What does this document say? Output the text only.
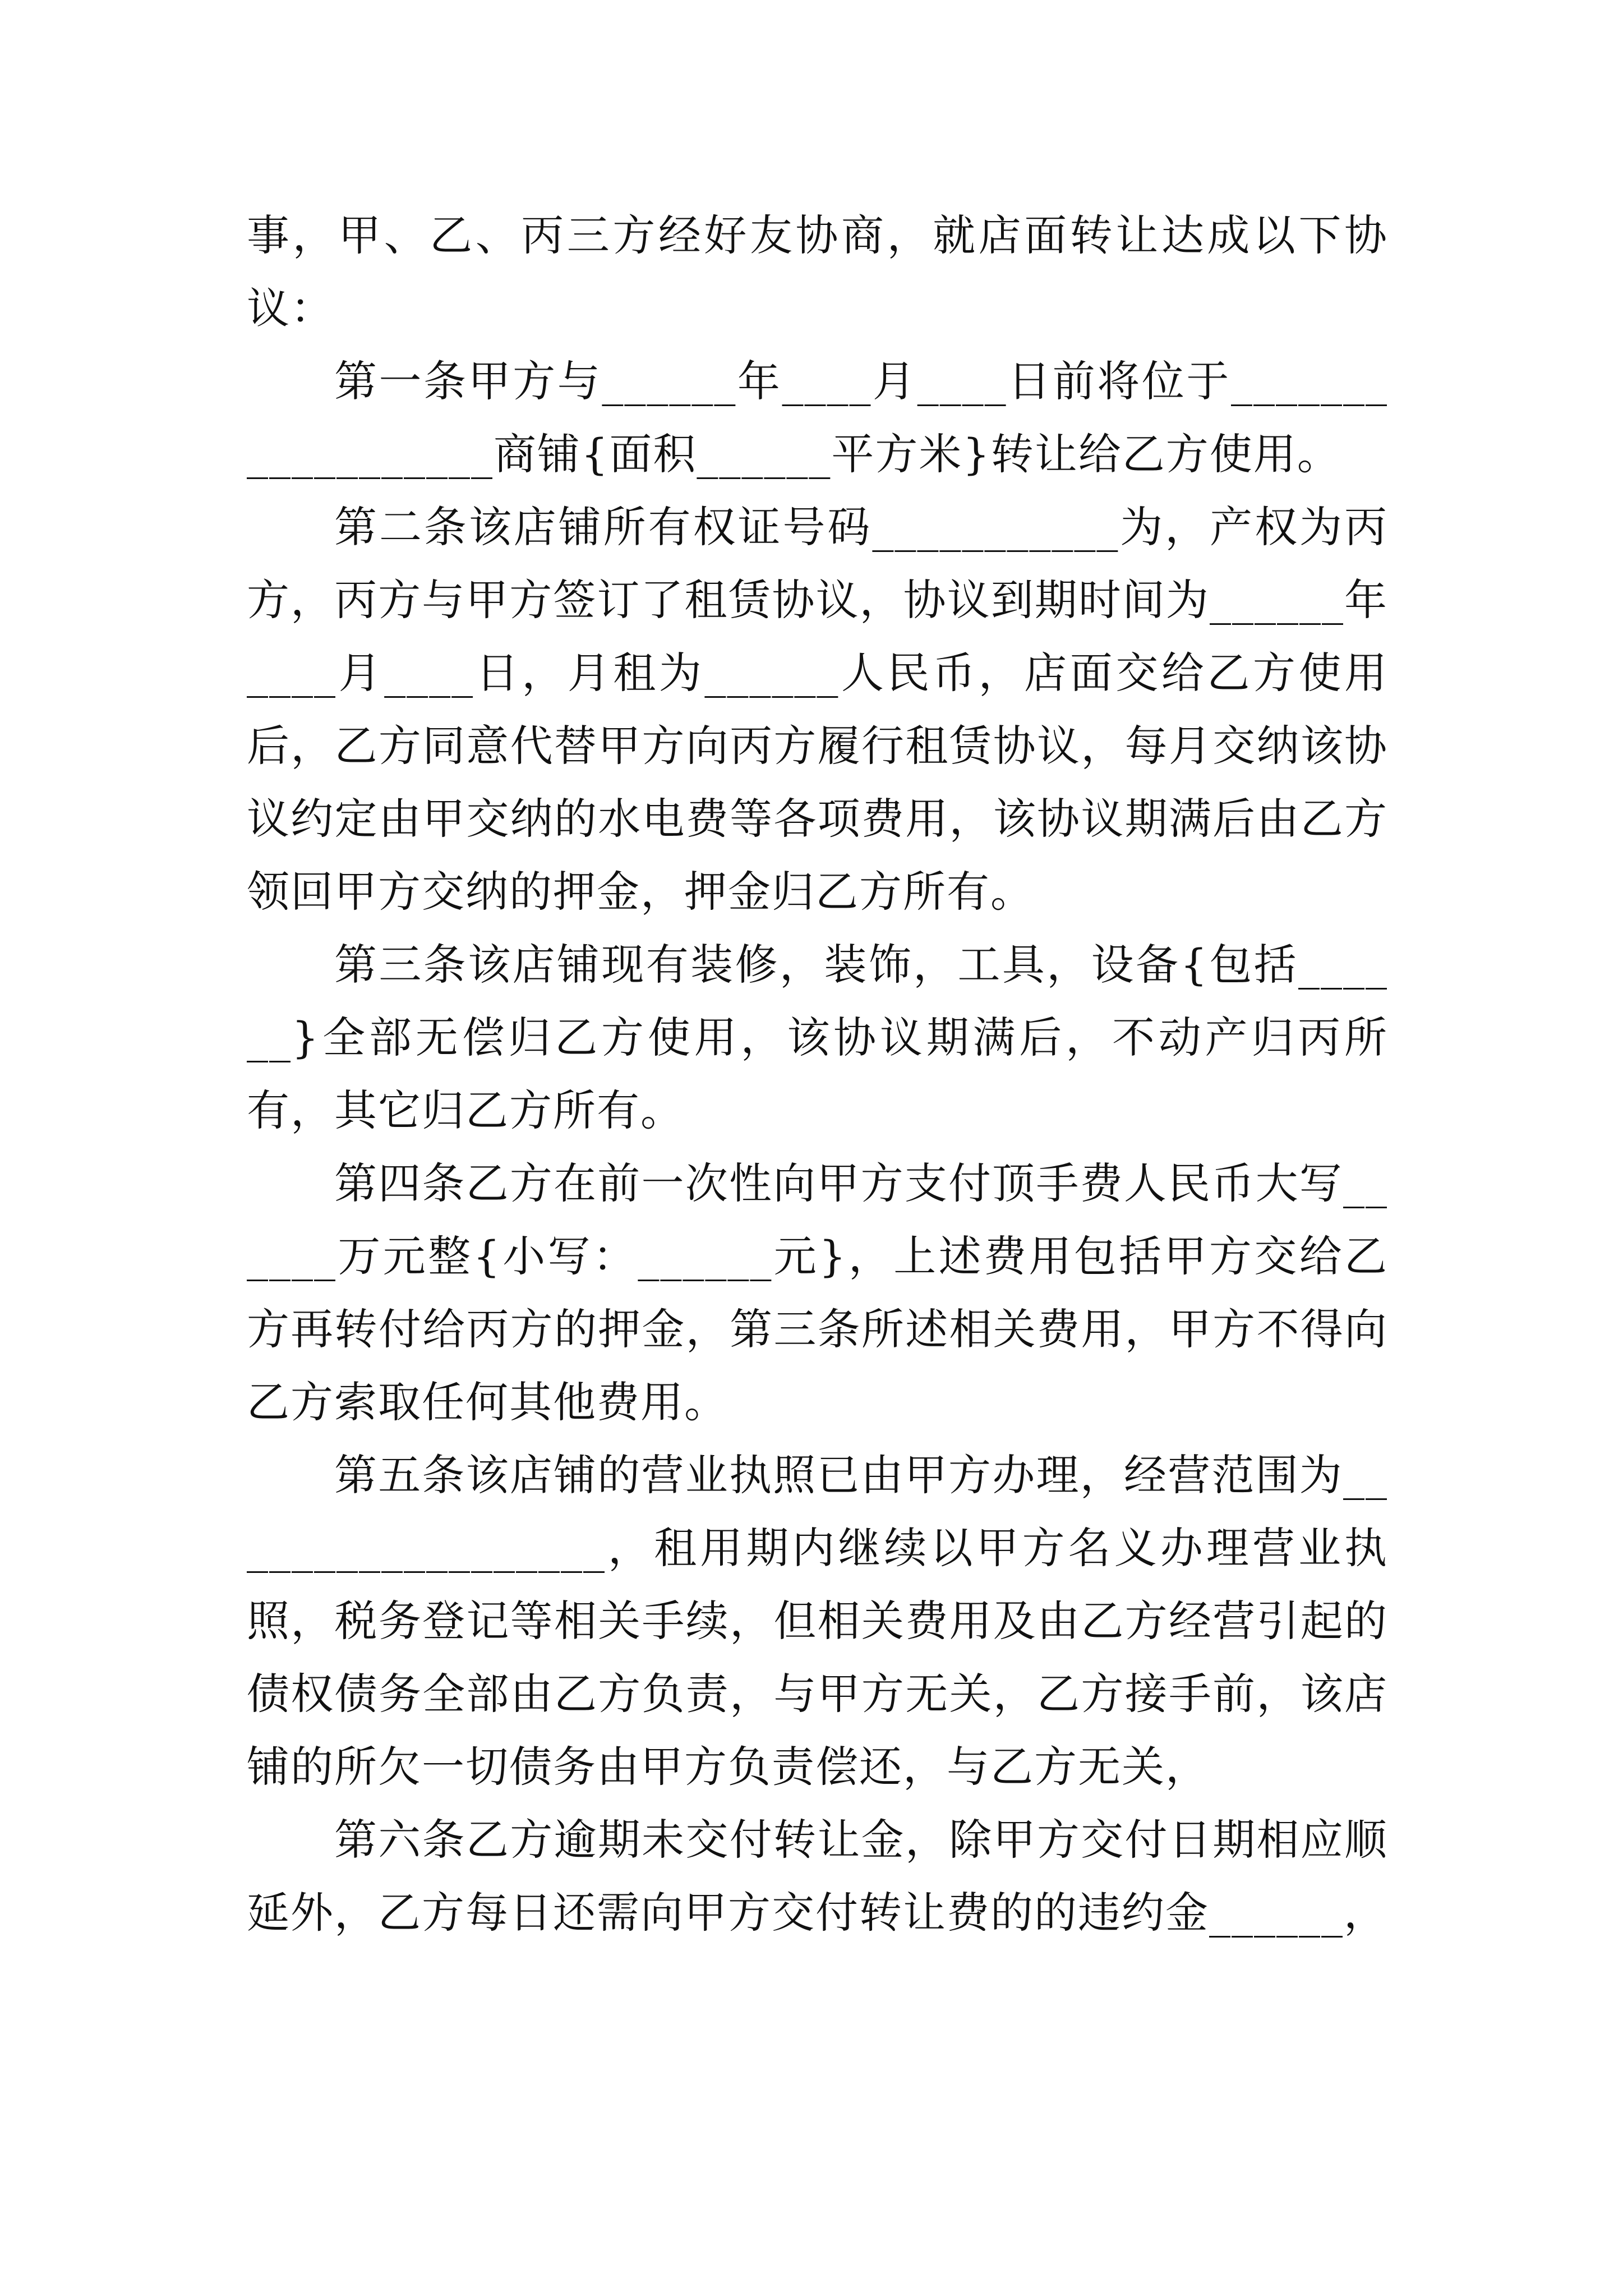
事，甲、乙、丙三方经好友协商，就店面转让达成以下协议：

第一条甲方与______年____月____日前将位于__________________商铺{面积______平方米}转让给乙方使用。

第二条该店铺所有权证号码___________为，产权为丙方，丙方与甲方签订了租赁协议，协议到期时间为______年____月____日，月租为______人民币，店面交给乙方使用后，乙方同意代替甲方向丙方履行租赁协议，每月交纳该协议约定由甲交纳的水电费等各项费用，该协议期满后由乙方领回甲方交纳的押金，押金归乙方所有。

第三条该店铺现有装修，装饰，工具，设备{包括______}全部无偿归乙方使用，该协议期满后，不动产归丙所有，其它归乙方所有。

第四条乙方在前一次性向甲方支付顶手费人民币大写______万元整{小写：______元}，上述费用包括甲方交给乙方再转付给丙方的押金，第三条所述相关费用，甲方不得向乙方索取任何其他费用。

第五条该店铺的营业执照已由甲方办理，经营范围为__________________，租用期内继续以甲方名义办理营业执照，税务登记等相关手续，但相关费用及由乙方经营引起的债权债务全部由乙方负责，与甲方无关，乙方接手前，该店铺的所欠一切债务由甲方负责偿还，与乙方无关，

第六条乙方逾期未交付转让金，除甲方交付日期相应顺延外，乙方每日还需向甲方交付转让费的的违约金______，
